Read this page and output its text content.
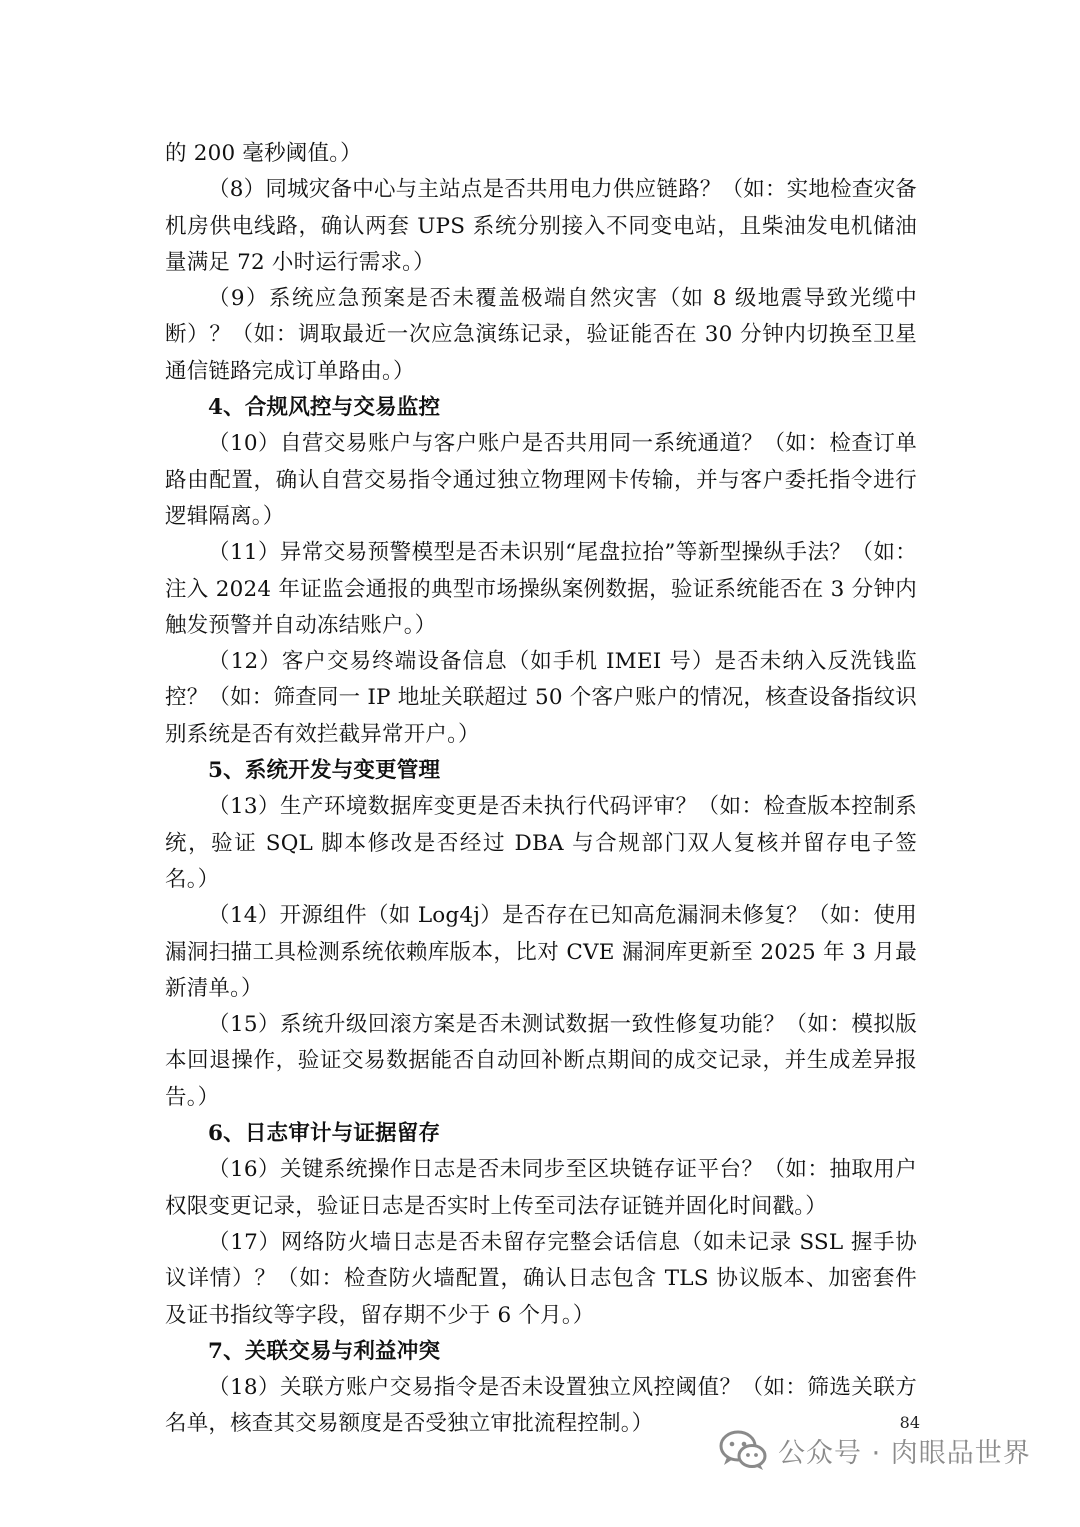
的 200 毫秒阈值。）

（8）同城灾备中心与主站点是否共用电力供应链路？（如：实地检查灾备机房供电线路，确认两套 UPS 系统分别接入不同变电站，且柴油发电机储油量满足 72 小时运行需求。）

（9）系统应急预案是否未覆盖极端自然灾害（如 8 级地震导致光缆中断）？（如：调取最近一次应急演练记录，验证能否在 30 分钟内切换至卫星通信链路完成订单路由。）

4、合规风控与交易监控

（10）自营交易账户与客户账户是否共用同一系统通道？（如：检查订单路由配置，确认自营交易指令通过独立物理网卡传输，并与客户委托指令进行逻辑隔离。）

（11）异常交易预警模型是否未识别“尾盘拉抬”等新型操纵手法？（如：注入 2024 年证监会通报的典型市场操纵案例数据，验证系统能否在 3 分钟内触发预警并自动冻结账户。）

（12）客户交易终端设备信息（如手机 IMEI 号）是否未纳入反洗钱监控？（如：筛查同一 IP 地址关联超过 50 个客户账户的情况，核查设备指纹识别系统是否有效拦截异常开户。）

5、系统开发与变更管理

（13）生产环境数据库变更是否未执行代码评审？（如：检查版本控制系统，验证 SQL 脚本修改是否经过 DBA 与合规部门双人复核并留存电子签名。）

（14）开源组件（如 Log4j）是否存在已知高危漏洞未修复？（如：使用漏洞扫描工具检测系统依赖库版本，比对 CVE 漏洞库更新至 2025 年 3 月最新清单。）

（15）系统升级回滚方案是否未测试数据一致性修复功能？（如：模拟版本回退操作，验证交易数据能否自动回补断点期间的成交记录，并生成差异报告。）

6、日志审计与证据留存

（16）关键系统操作日志是否未同步至区块链存证平台？（如：抽取用户权限变更记录，验证日志是否实时上传至司法存证链并固化时间戳。）

（17）网络防火墙日志是否未留存完整会话信息（如未记录 SSL 握手协议详情）？（如：检查防火墙配置，确认日志包含 TLS 协议版本、加密套件及证书指纹等字段，留存期不少于 6 个月。）

7、关联交易与利益冲突

（18）关联方账户交易指令是否未设置独立风控阈值？（如：筛选关联方名单，核查其交易额度是否受独立审批流程控制。）	84
公众号 · 肉眼品世界
